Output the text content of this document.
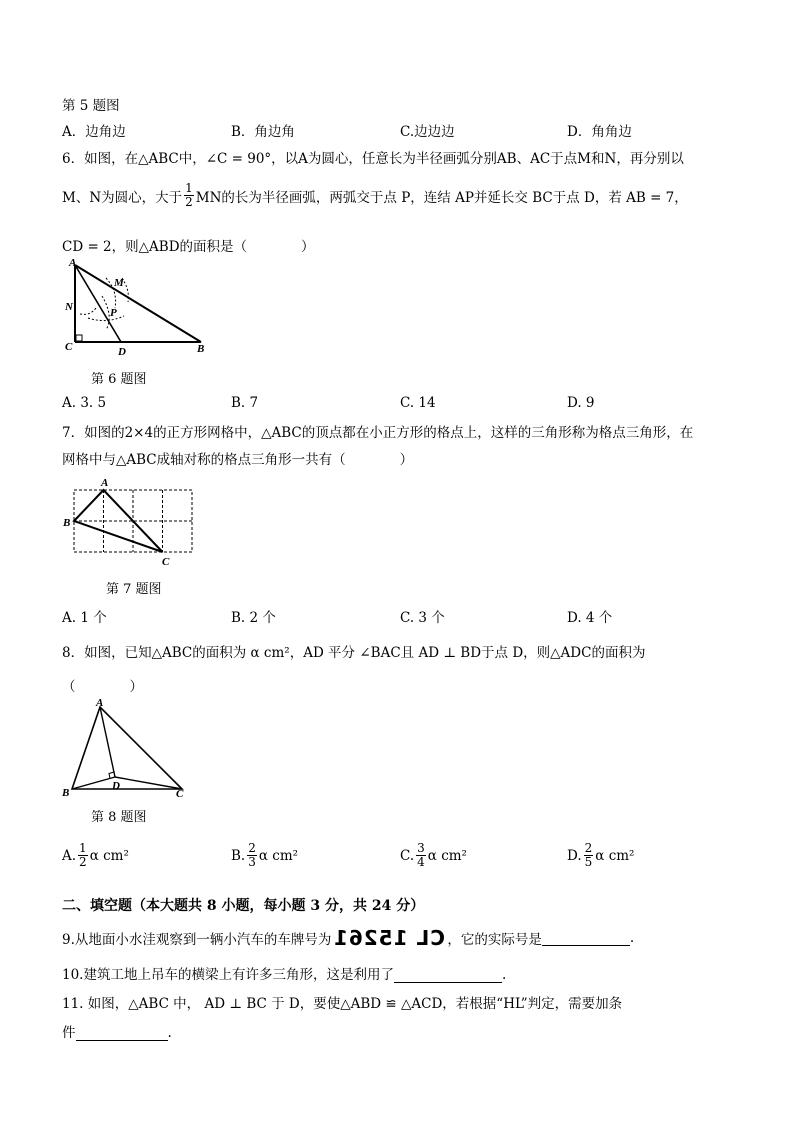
第 5 题图
A．边角边	B．角边角	C.边边边	D．角角边
6．如图，在△ABC中，∠C = 90°，以A为圆心，任意长为半径画弧分别AB、AC于点M和N，再分别以
M、N为圆心，大于 $\frac{1}{2}$ MN的长为半径画弧，两弧交于点 P，连结 AP并延长交 BC于点 D，若 AB = 7，
CD = 2，则△ABD的面积是（　　　　）
A
M
N	P
C	D	B
第 6 题图
A. 3. 5	B. 7	C. 14	D. 9
7．如图的2×4的正方形网格中，△ABC的顶点都在小正方形的格点上，这样的三角形称为格点三角形，在
网格中与△ABC成轴对称的格点三角形一共有（　　　　）
A
B
C
第 7 题图
A. 1 个	B. 2 个	C. 3 个	D. 4 个
8．如图，已知△ABC的面积为 α cm²，AD 平分 ∠BAC且 AD ⊥ BD于点 D，则△ADC的面积为
（　　　　）
A
B
D
C
第 8 题图
A. $\frac{1}{2}$ α cm²	B. $\frac{2}{3}$ α cm²	C. $\frac{3}{4}$ α cm²	D. $\frac{2}{5}$ α cm²
二、填空题（本大题共 8 小题，每小题 3 分，共 24 分）
9.从地面小水洼观察到一辆小汽车的车牌号为 CL 15261 ，它的实际号是	.
10.建筑工地上吊车的横梁上有许多三角形，这是利用了	.
11. 如图，△ABC 中， AD ⊥ BC 于 D，要使△ABD ≌ △ACD，若根据“HL”判定，需要加条
件	.
